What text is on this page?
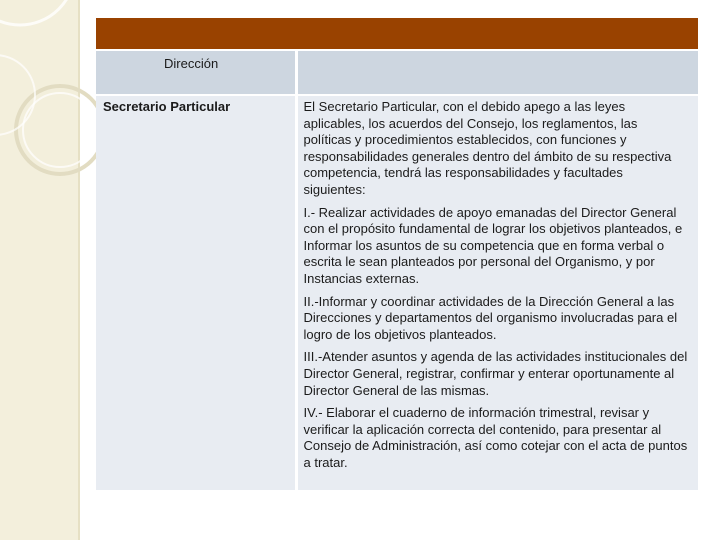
Dirección	

Secretario Particular	El Secretario Particular, con el debido apego a las leyes aplicables, los acuerdos del Consejo, los reglamentos, las políticas y procedimientos establecidos, con funciones y responsabilidades generales dentro del ámbito de su respectiva competencia, tendrá las responsabilidades y facultades siguientes:

I.- Realizar actividades de apoyo emanadas del Director General con el propósito fundamental de lograr los objetivos planteados, e Informar los asuntos de su competencia que en forma verbal o escrita le sean planteados por personal del Organismo, y por Instancias externas.

II.-Informar y coordinar actividades de la Dirección General a las Direcciones y departamentos del organismo involucradas para el logro de los objetivos planteados.

III.-Atender asuntos y agenda de las actividades institucionales del Director General, registrar, confirmar y enterar oportunamente al Director General de las mismas.

IV.- Elaborar el cuaderno de información trimestral, revisar y verificar la aplicación correcta del contenido, para presentar al Consejo de Administración, así como cotejar con el acta de puntos a tratar.
